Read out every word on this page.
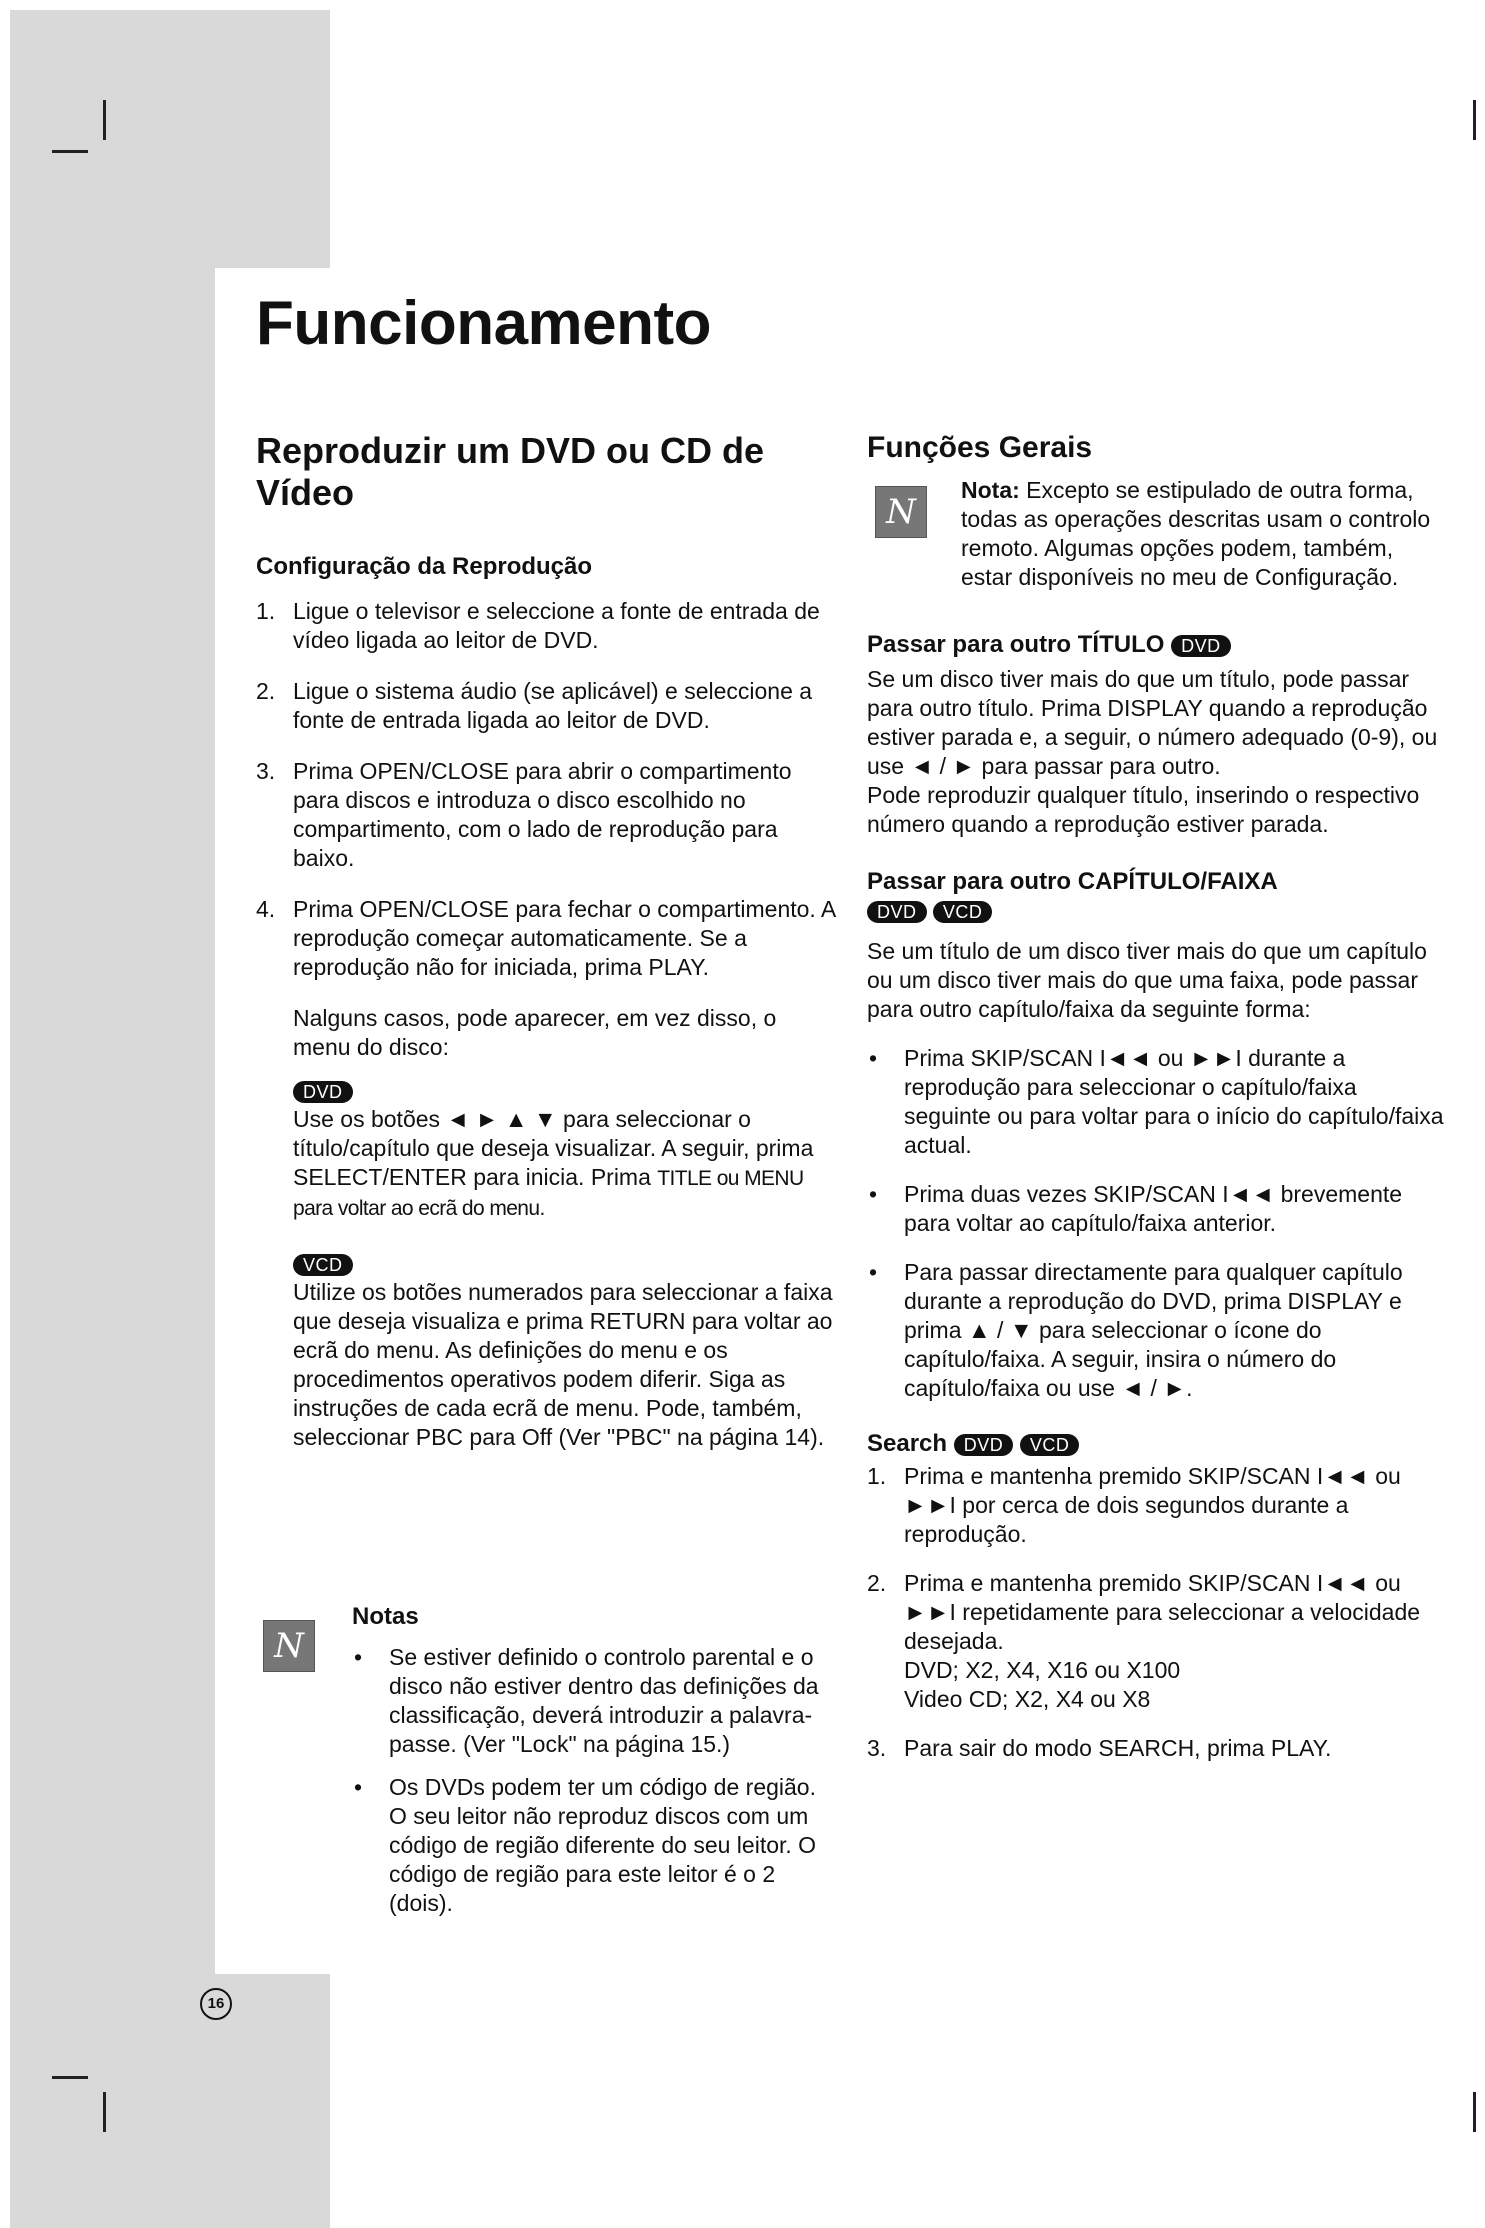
Funcionamento
Reproduzir um DVD ou CD de Vídeo
Configuração da Reprodução
1. Ligue o televisor e seleccione a fonte de entrada de vídeo ligada ao leitor de DVD.
2. Ligue o sistema áudio (se aplicável) e seleccione a fonte de entrada ligada ao leitor de DVD.
3. Prima OPEN/CLOSE para abrir o compartimento para discos e introduza o disco escolhido no compartimento, com o lado de reprodução para baixo.
4. Prima OPEN/CLOSE para fechar o compartimento. A reprodução começar automaticamente. Se a reprodução não for iniciada, prima PLAY.

Nalguns casos, pode aparecer, em vez disso, o menu do disco:

DVD

Use os botões ◄ ► ▲ ▼ para seleccionar o título/capítulo que deseja visualizar. A seguir, prima SELECT/ENTER para inicia. Prima TITLE ou MENU para voltar ao ecrã do menu.

VCD

Utilize os botões numerados para seleccionar a faixa que deseja visualiza e prima RETURN para voltar ao ecrã do menu. As definições do menu e os procedimentos operativos podem diferir. Siga as instruções de cada ecrã de menu. Pode, também, seleccionar PBC para Off (Ver "PBC" na página 14).

N
Notas
• Se estiver definido o controlo parental e o disco não estiver dentro das definições da classificação, deverá introduzir a palavra-passe. (Ver "Lock" na página 15.)
• Os DVDs podem ter um código de região. O seu leitor não reproduz discos com um código de região diferente do seu leitor. O código de região para este leitor é o 2 (dois).
Funções Gerais
N

Nota: Excepto se estipulado de outra forma, todas as operações descritas usam o controlo remoto. Algumas opções podem, também, estar disponíveis no meu de Configuração.

Passar para outro TÍTULO DVD

Se um disco tiver mais do que um título, pode passar para outro título. Prima DISPLAY quando a reprodução estiver parada e, a seguir, o número adequado (0-9), ou use ◄ / ► para passar para outro.

Pode reproduzir qualquer título, inserindo o respectivo número quando a reprodução estiver parada.

Passar para outro CAPÍTULO/FAIXA
DVD VCD

Se um título de um disco tiver mais do que um capítulo ou um disco tiver mais do que uma faixa, pode passar para outro capítulo/faixa da seguinte forma:

• Prima SKIP/SCAN I◄◄ ou ►►I durante a reprodução para seleccionar o capítulo/faixa seguinte ou para voltar para o início do capítulo/faixa actual.
• Prima duas vezes SKIP/SCAN I◄◄ brevemente para voltar ao capítulo/faixa anterior.
• Para passar directamente para qualquer capítulo durante a reprodução do DVD, prima DISPLAY e prima ▲ / ▼ para seleccionar o ícone do capítulo/faixa. A seguir, insira o número do capítulo/faixa ou use ◄ / ►.
Search DVD VCD
1. Prima e mantenha premido SKIP/SCAN I◄◄ ou ►►I por cerca de dois segundos durante a reprodução.
2. Prima e mantenha premido SKIP/SCAN I◄◄ ou ►►I repetidamente para seleccionar a velocidade desejada.
DVD; X2, X4, X16 ou X100
Video CD; X2, X4 ou X8
3. Para sair do modo SEARCH, prima PLAY.
16
